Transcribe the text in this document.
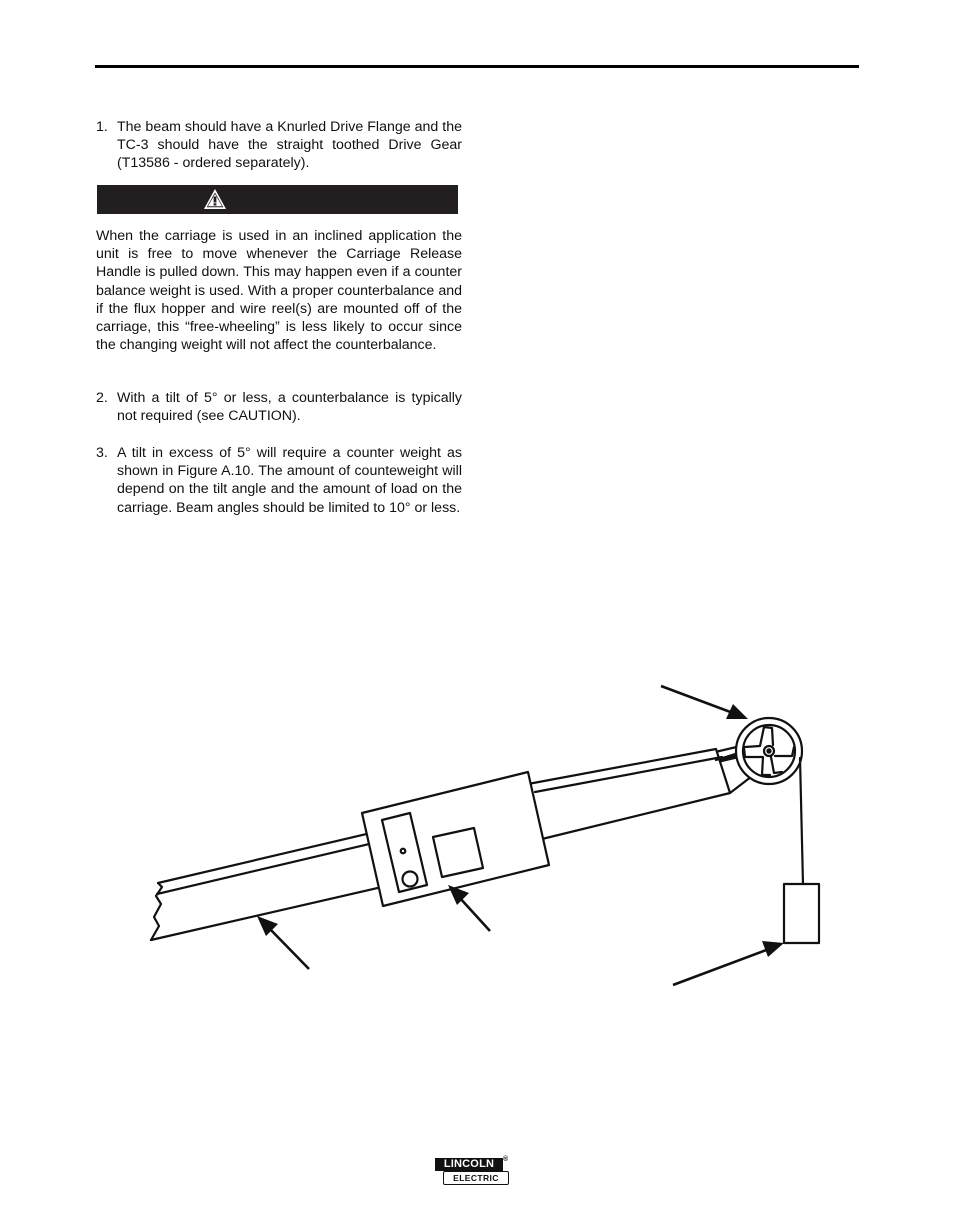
1. The beam should have a Knurled Drive Flange and the TC-3 should have the straight toothed Drive Gear (T13586 - ordered separately).
When the carriage is used in an inclined application the unit is free to move whenever the Carriage Release Handle is pulled down. This may happen even if a counter balance weight is used. With a proper counterbalance and if the flux hopper and wire reel(s) are mounted off of the carriage, this “free-wheeling” is less likely to occur since the changing weight will not affect the counterbalance.
2. With a tilt of 5° or less, a counterbalance is typically not required (see CAUTION).
3. A tilt in excess of 5° will require a counter weight as shown in Figure A.10. The amount of counteweight will depend on the tilt angle and the amount of load on the carriage. Beam angles should be limited to 10° or less.
LINCOLN	®
ELECTRIC
